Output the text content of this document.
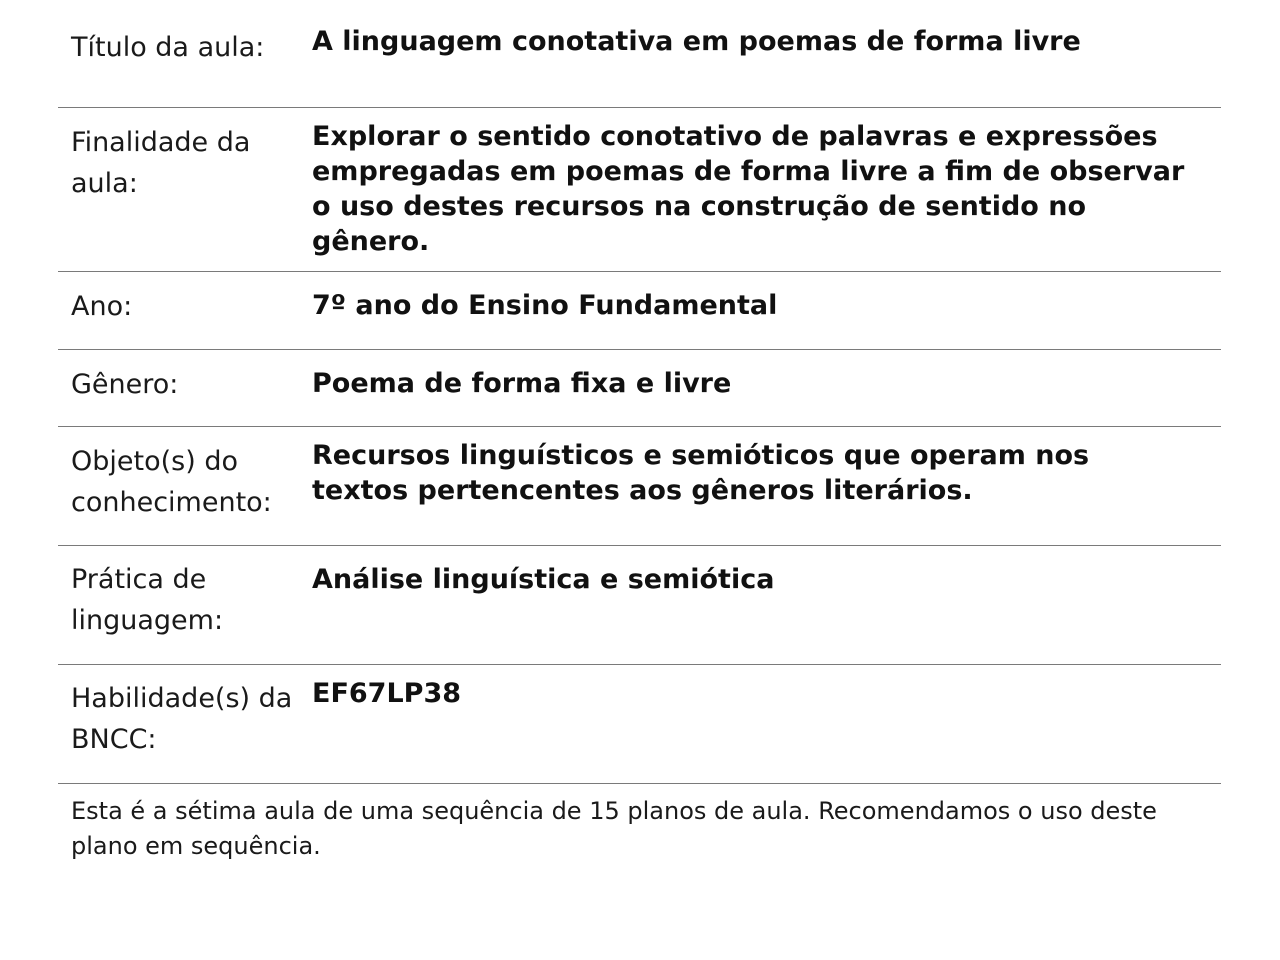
Título da aula:	A linguagem conotativa em poemas de forma livre
Finalidade da aula:
Explorar o sentido conotativo de palavras e expressões empregadas em poemas de forma livre a fim de observar o uso destes recursos na construção de sentido no gênero.
Ano:	7º ano do Ensino Fundamental
Gênero:	Poema de forma fixa e livre
Objeto(s) do conhecimento:
Recursos linguísticos e semióticos que operam nos textos pertencentes aos gêneros literários.
Prática de linguagem:
Análise linguística e semiótica
Habilidade(s) da BNCC:
EF67LP38
Esta é a sétima aula de uma sequência de 15 planos de aula. Recomendamos o uso deste plano em sequência.
